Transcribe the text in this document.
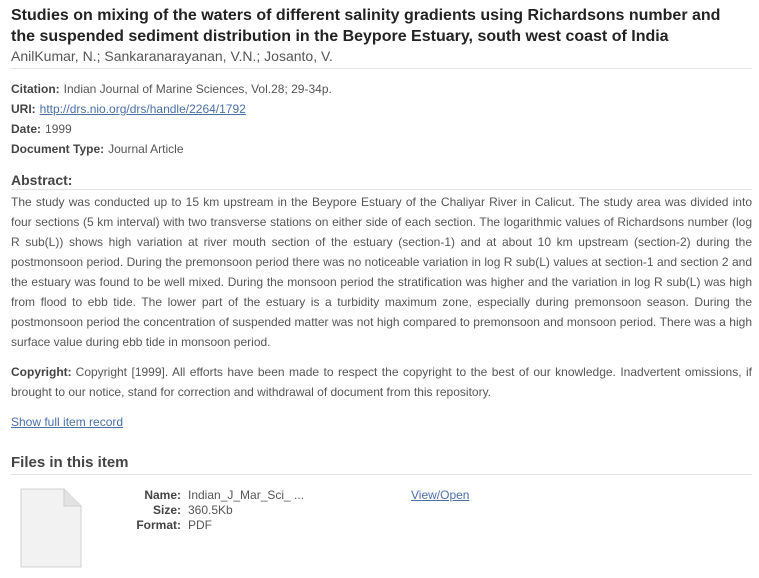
Studies on mixing of the waters of different salinity gradients using Richardsons number and the suspended sediment distribution in the Beypore Estuary, south west coast of India
AnilKumar, N.; Sankaranarayanan, V.N.; Josanto, V.
Citation: Indian Journal of Marine Sciences, Vol.28; 29-34p.
URI: http://drs.nio.org/drs/handle/2264/1792
Date: 1999
Document Type: Journal Article
Abstract:

The study was conducted up to 15 km upstream in the Beypore Estuary of the Chaliyar River in Calicut. The study area was divided into four sections (5 km interval) with two transverse stations on either side of each section. The logarithmic values of Richardsons number (log R sub(L)) shows high variation at river mouth section of the estuary (section-1) and at about 10 km upstream (section-2) during the postmonsoon period. During the premonsoon period there was no noticeable variation in log R sub(L) values at section-1 and section 2 and the estuary was found to be well mixed. During the monsoon period the stratification was higher and the variation in log R sub(L) was high from flood to ebb tide. The lower part of the estuary is a turbidity maximum zone, especially during premonsoon season. During the postmonsoon period the concentration of suspended matter was not high compared to premonsoon and monsoon period. There was a high surface value during ebb tide in monsoon period.

Copyright: Copyright [1999]. All efforts have been made to respect the copyright to the best of our knowledge. Inadvertent omissions, if brought to our notice, stand for correction and withdrawal of document from this repository.

Show full item record
Files in this item
Name: Indian_J_Mar_Sci_ ...
Size: 360.5Kb
Format: PDF
View/Open
